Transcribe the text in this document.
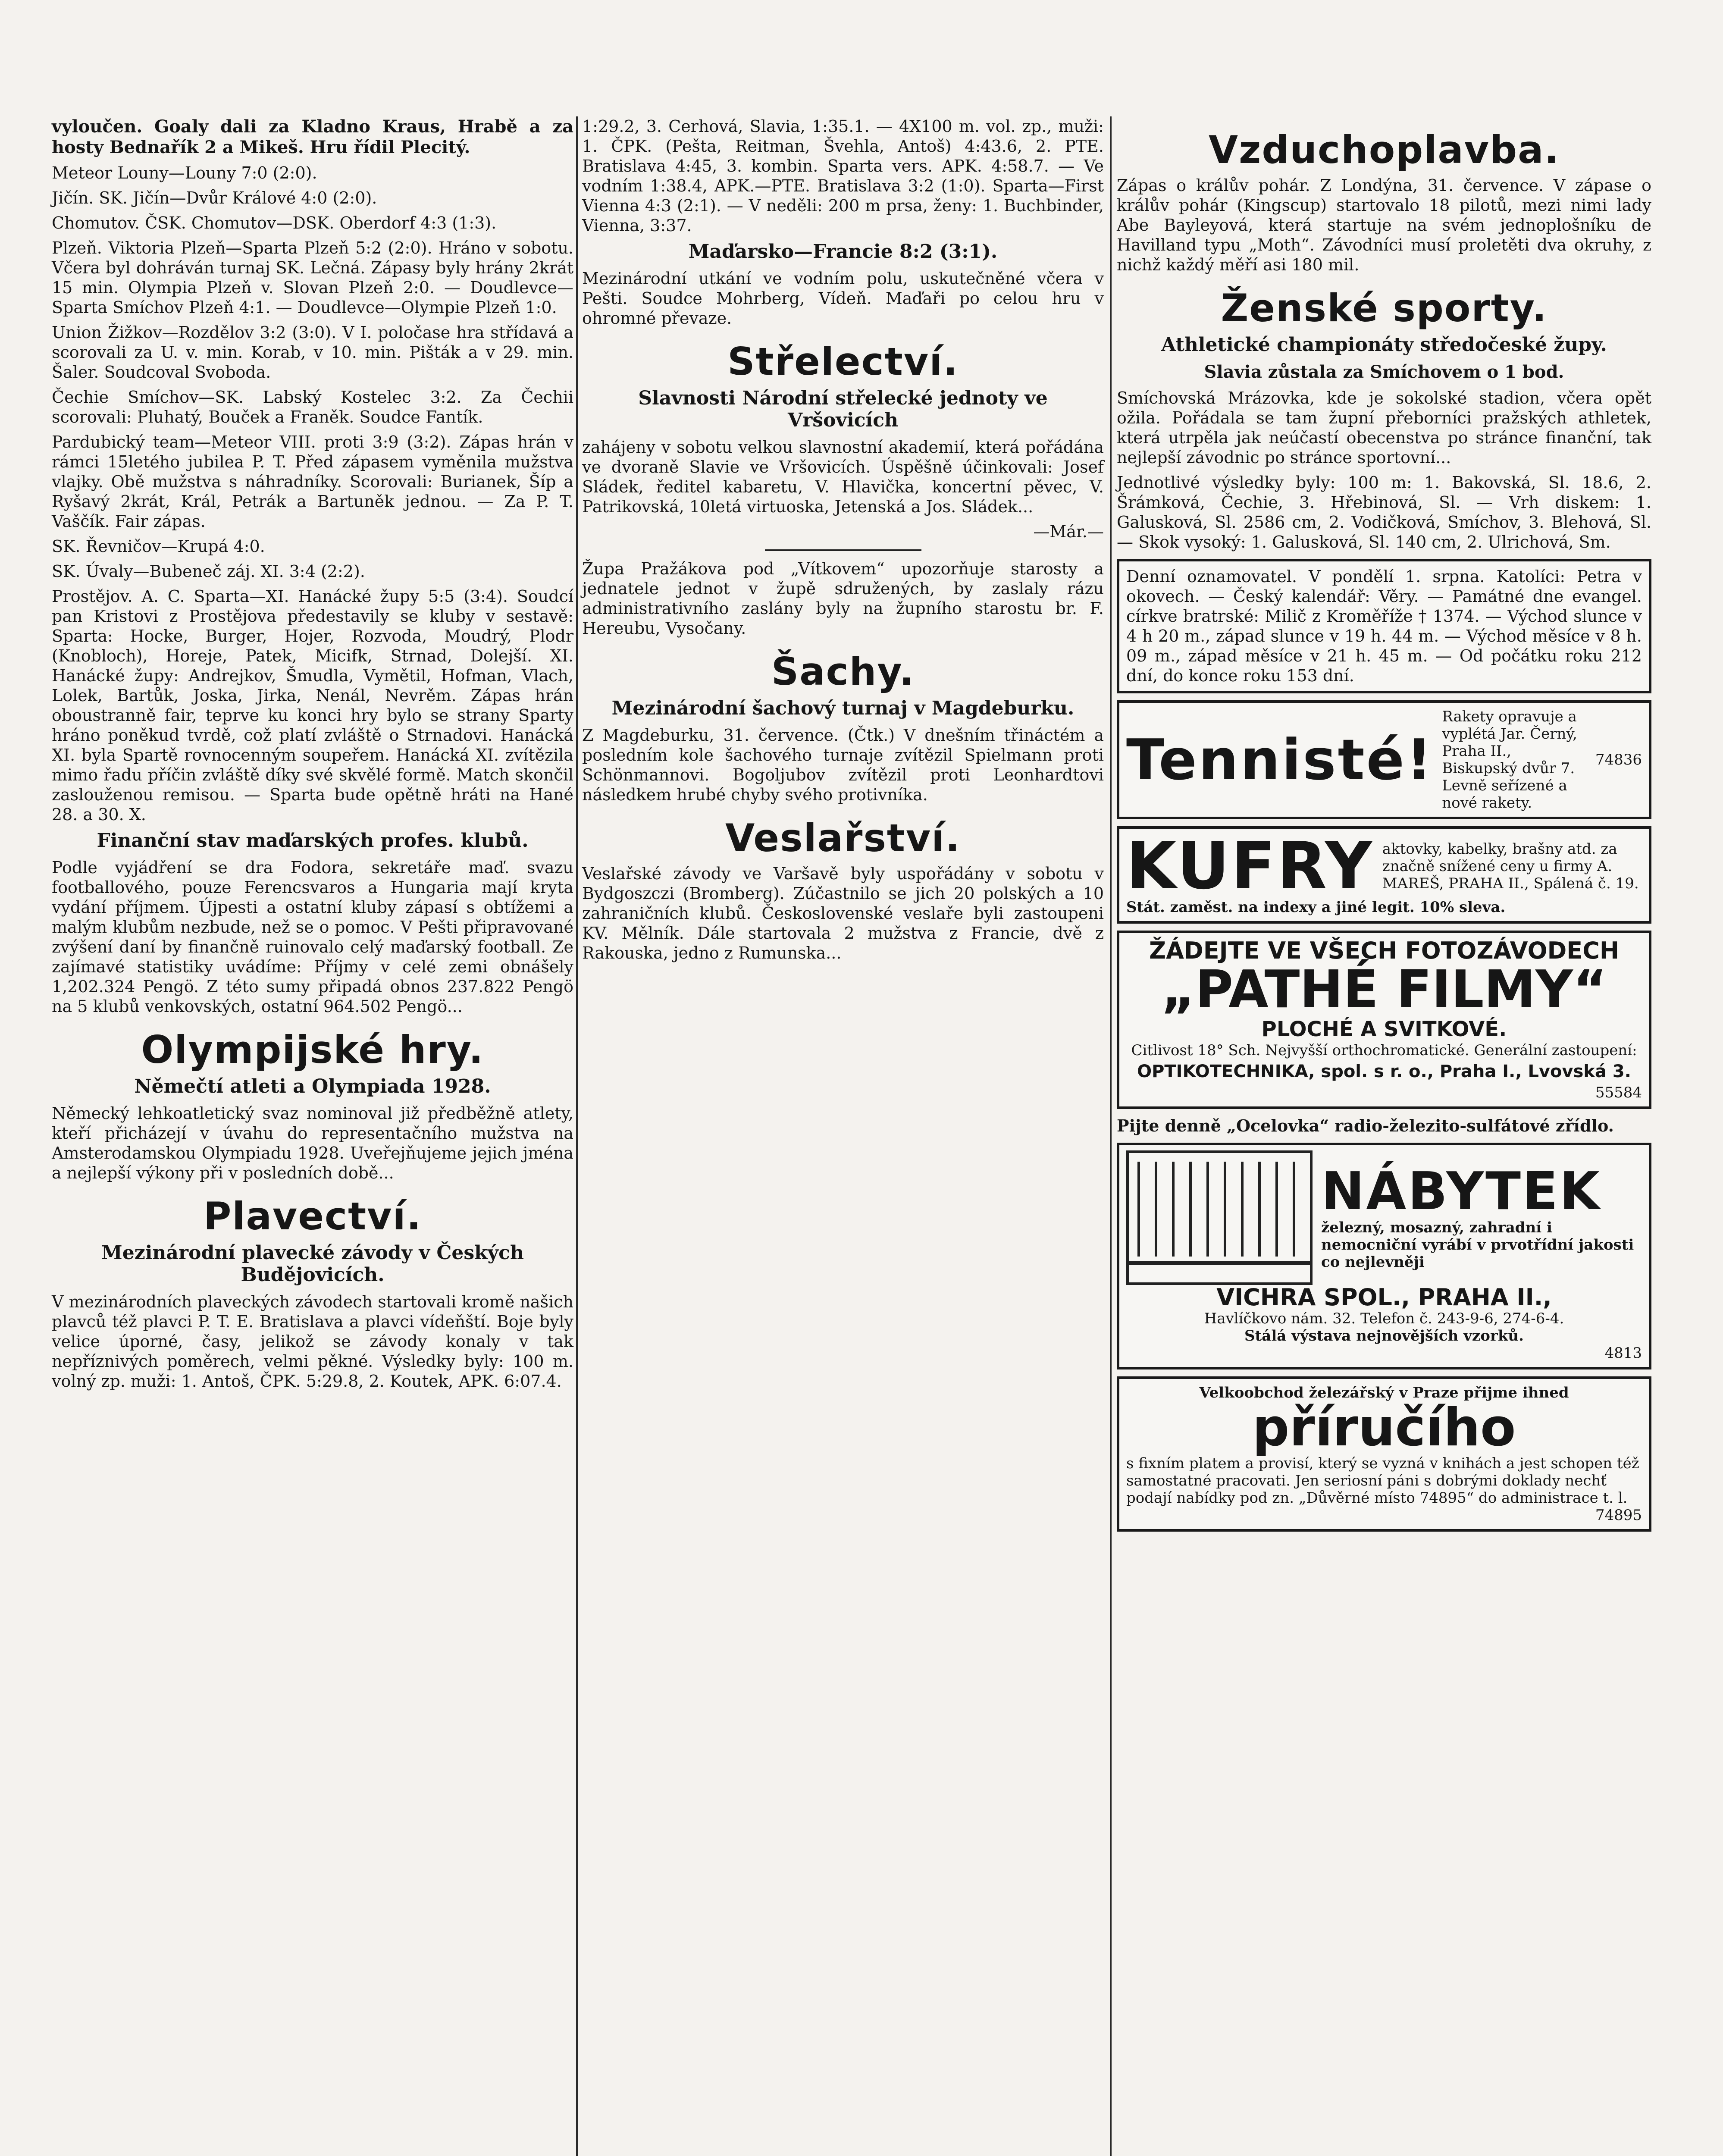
vyloučen. Goaly dali za Kladno Kraus, Hrabě a za hosty Bednařík 2 a Mikeš. Hru řídil Plecitý.

Meteor Louny—Louny 7:0 (2:0).

Jičín. SK. Jičín—Dvůr Králové 4:0 (2:0).

Chomutov. ČSK. Chomutov—DSK. Oberdorf 4:3 (1:3).

Plzeň. Viktoria Plzeň—Sparta Plzeň 5:2 (2:0). Hráno v sobotu. Včera byl dohráván turnaj SK. Lečná. Zápasy byly hrány 2krát 15 min. Olympia Plzeň v. Slovan Plzeň 2:0. — Doudlevce—Sparta Smíchov Plzeň 4:1. — Doudlevce—Olympie Plzeň 1:0.

Union Žižkov—Rozdělov 3:2 (3:0). V I. poločase hra střídavá a scorovali za U. v. min. Korab, v 10. min. Pišták a v 29. min. Šaler. Soudcoval Svoboda.

Čechie Smíchov—SK. Labský Kostelec 3:2. Za Čechii scorovali: Pluhatý, Bouček a Franěk. Soudce Fantík.

Pardubický team—Meteor VIII. proti 3:9 (3:2). Zápas hrán v rámci 15letého jubilea P. T. Před zápasem vyměnila mužstva vlajky. Obě mužstva s náhradníky. Scorovali: Burianek, Šíp a Ryšavý 2krát, Král, Petrák a Bartuněk jednou. — Za P. T. Vaščík. Fair zápas.

SK. Řevničov—Krupá 4:0.

SK. Úvaly—Bubeneč záj. XI. 3:4 (2:2).

Prostějov. A. C. Sparta—XI. Hanácké župy 5:5 (3:4). Soudcí pan Kristovi z Prostějova předestavily se kluby v sestavě: Sparta: Hocke, Burger, Hojer, Rozvoda, Moudrý, Plodr (Knobloch), Horeje, Patek, Micifk, Strnad, Dolejší. XI. Hanácké župy: Andrejkov, Šmudla, Vymětil, Hofman, Vlach, Lolek, Bartůk, Joska, Jirka, Nenál, Nevrěm. Zápas hrán oboustranně fair, teprve ku konci hry bylo se strany Sparty hráno poněkud tvrdě, což platí zvláště o Strnadovi. Hanácká XI. byla Spartě rovnocenným soupeřem. Hanácká XI. zvítězila mimo řadu příčin zvláště díky své skvělé formě. Match skončil zaslouženou remisou. — Sparta bude opětně hráti na Hané 28. a 30. X.

Finanční stav maďarských profes. klubů.

Podle vyjádření se dra Fodora, sekretáře maď. svazu footballového, pouze Ferencsvaros a Hungaria mají kryta vydání příjmem. Újpesti a ostatní kluby zápasí s obtížemi a malým klubům nezbude, než se o pomoc. V Pešti připravované zvýšení daní by finančně ruinovalo celý maďarský football. Ze zajímavé statistiky uvádíme: Příjmy v celé zemi obnášely 1,202.324 Pengö. Z této sumy připadá obnos 237.822 Pengö na 5 klubů venkovských, ostatní 964.502 Pengö...

Olympijské hry.
Němečtí atleti a Olympiada 1928.

Německý lehkoatletický svaz nominoval již předběžně atlety, kteří přicházejí v úvahu do representačního mužstva na Amsterodamskou Olympiadu 1928. Uveřejňujeme jejich jména a nejlepší výkony při v posledních době...

Plavectví.
Mezinárodní plavecké závody v Českých Budějovicích.

V mezinárodních plaveckých závodech startovali kromě našich plavců též plavci P. T. E. Bratislava a plavci vídeňští. Boje byly velice úporné, časy, jelikož se závody konaly v tak nepříznivých poměrech, velmi pěkné. Výsledky byly: 100 m. volný zp. muži: 1. Antoš, ČPK. 5:29.8, 2. Koutek, APK. 6:07.4.

1:29.2, 3. Cerhová, Slavia, 1:35.1. — 4X100 m. vol. zp., muži: 1. ČPK. (Pešta, Reitman, Švehla, Antoš) 4:43.6, 2. PTE. Bratislava 4:45, 3. kombin. Sparta vers. APK. 4:58.7. — Ve vodním 1:38.4, APK.—PTE. Bratislava 3:2 (1:0). Sparta—First Vienna 4:3 (2:1). — V neděli: 200 m prsa, ženy: 1. Buchbinder, Vienna, 3:37.

Maďarsko—Francie 8:2 (3:1).

Mezinárodní utkání ve vodním polu, uskutečněné včera v Pešti. Soudce Mohrberg, Vídeň. Maďaři po celou hru v ohromné převaze.

Střelectví.
Slavnosti Národní střelecké jednoty ve Vršovicích

zahájeny v sobotu velkou slavnostní akademií, která pořádána ve dvoraně Slavie ve Vršovicích. Úspěšně účinkovali: Josef Sládek, ředitel kabaretu, V. Hlavička, koncertní pěvec, V. Patrikovská, 10letá virtuoska, Jetenská a Jos. Sládek...

—Már.—

Župa Pražákova pod „Vítkovem“ upozorňuje starosty a jednatele jednot v župě sdružených, by zaslaly rázu administrativního zaslány byly na župního starostu br. F. Hereubu, Vysočany.

Šachy.
Mezinárodní šachový turnaj v Magdeburku.

Z Magdeburku, 31. července. (Čtk.) V dnešním třináctém a posledním kole šachového turnaje zvítězil Spielmann proti Schönmannovi. Bogoljubov zvítězil proti Leonhardtovi následkem hrubé chyby svého protivníka.

Veslařství.

Veslařské závody ve Varšavě byly uspořádány v sobotu v Bydgoszczi (Bromberg). Zúčastnilo se jich 20 polských a 10 zahraničních klubů. Československé veslaře byli zastoupeni KV. Mělník. Dále startovala 2 mužstva z Francie, dvě z Rakouska, jedno z Rumunska...

Vzduchoplavba.

Zápas o králův pohár. Z Londýna, 31. července. V zápase o králův pohár (Kingscup) startovalo 18 pilotů, mezi nimi lady Abe Bayleyová, která startuje na svém jednoplošníku de Havilland typu „Moth“. Závodníci musí proletěti dva okruhy, z nichž každý měří asi 180 mil.

Ženské sporty.
Athletické championáty středočeské župy.
Slavia zůstala za Smíchovem o 1 bod.

Smíchovská Mrázovka, kde je sokolské stadion, včera opět ožila. Pořádala se tam župní přeborníci pražských athletek, která utrpěla jak neúčastí obecenstva po stránce finanční, tak nejlepší závodnic po stránce sportovní...

Jednotlivé výsledky byly: 100 m: 1. Bakovská, Sl. 18.6, 2. Šrámková, Čechie, 3. Hřebinová, Sl. — Vrh diskem: 1. Galusková, Sl. 2586 cm, 2. Vodičková, Smíchov, 3. Blehová, Sl. — Skok vysoký: 1. Galusková, Sl. 140 cm, 2. Ulrichová, Sm.

Denní oznamovatel. V pondělí 1. srpna. Katolíci: Petra v okovech. — Český kalendář: Věry. — Památné dne evangel. církve bratrské: Milič z Kroměříže † 1374. — Východ slunce v 4 h 20 m., západ slunce v 19 h. 44 m. — Východ měsíce v 8 h. 09 m., západ měsíce v 21 h. 45 m. — Od počátku roku 212 dní, do konce roku 153 dní.

Tennisté!
Rakety opravuje a vyplétá Jar. Černý, Praha II., Biskupský dvůr 7. Levně seřízené a nové rakety.
74836
KUFRY aktovky, kabelky, brašny atd. za značně snížené ceny u firmy A. MAREŠ, PRAHA II., Spálená č. 19.
Stát. zaměst. na indexy a jiné legit. 10% sleva.
ŽÁDEJTE VE VŠECH FOTOZÁVODECH
„PATHÉ FILMY“
PLOCHÉ A SVITKOVÉ.
Citlivost 18° Sch. Nejvyšší orthochromatické. Generální zastoupení:
OPTIKOTECHNIKA, spol. s r. o., Praha I., Lvovská 3.
55584

Pijte denně „Ocelovka“ radio-železito-sulfátové zřídlo.

NÁBYTEK
železný, mosazný, zahradní i nemocniční vyrábí v prvotřídní jakosti co nejlevněji
VICHRA SPOL., PRAHA II.,
Havlíčkovo nám. 32. Telefon č. 243-9-6, 274-6-4.
Stálá výstava nejnovějších vzorků.
4813
Velkoobchod železářský v Praze přijme ihned
příručího
s fixním platem a provisí, který se vyzná v knihách a jest schopen též samostatné pracovati. Jen seriosní páni s dobrými doklady nechť podají nabídky pod zn. „Důvěrné místo 74895“ do administrace t. l.
74895
